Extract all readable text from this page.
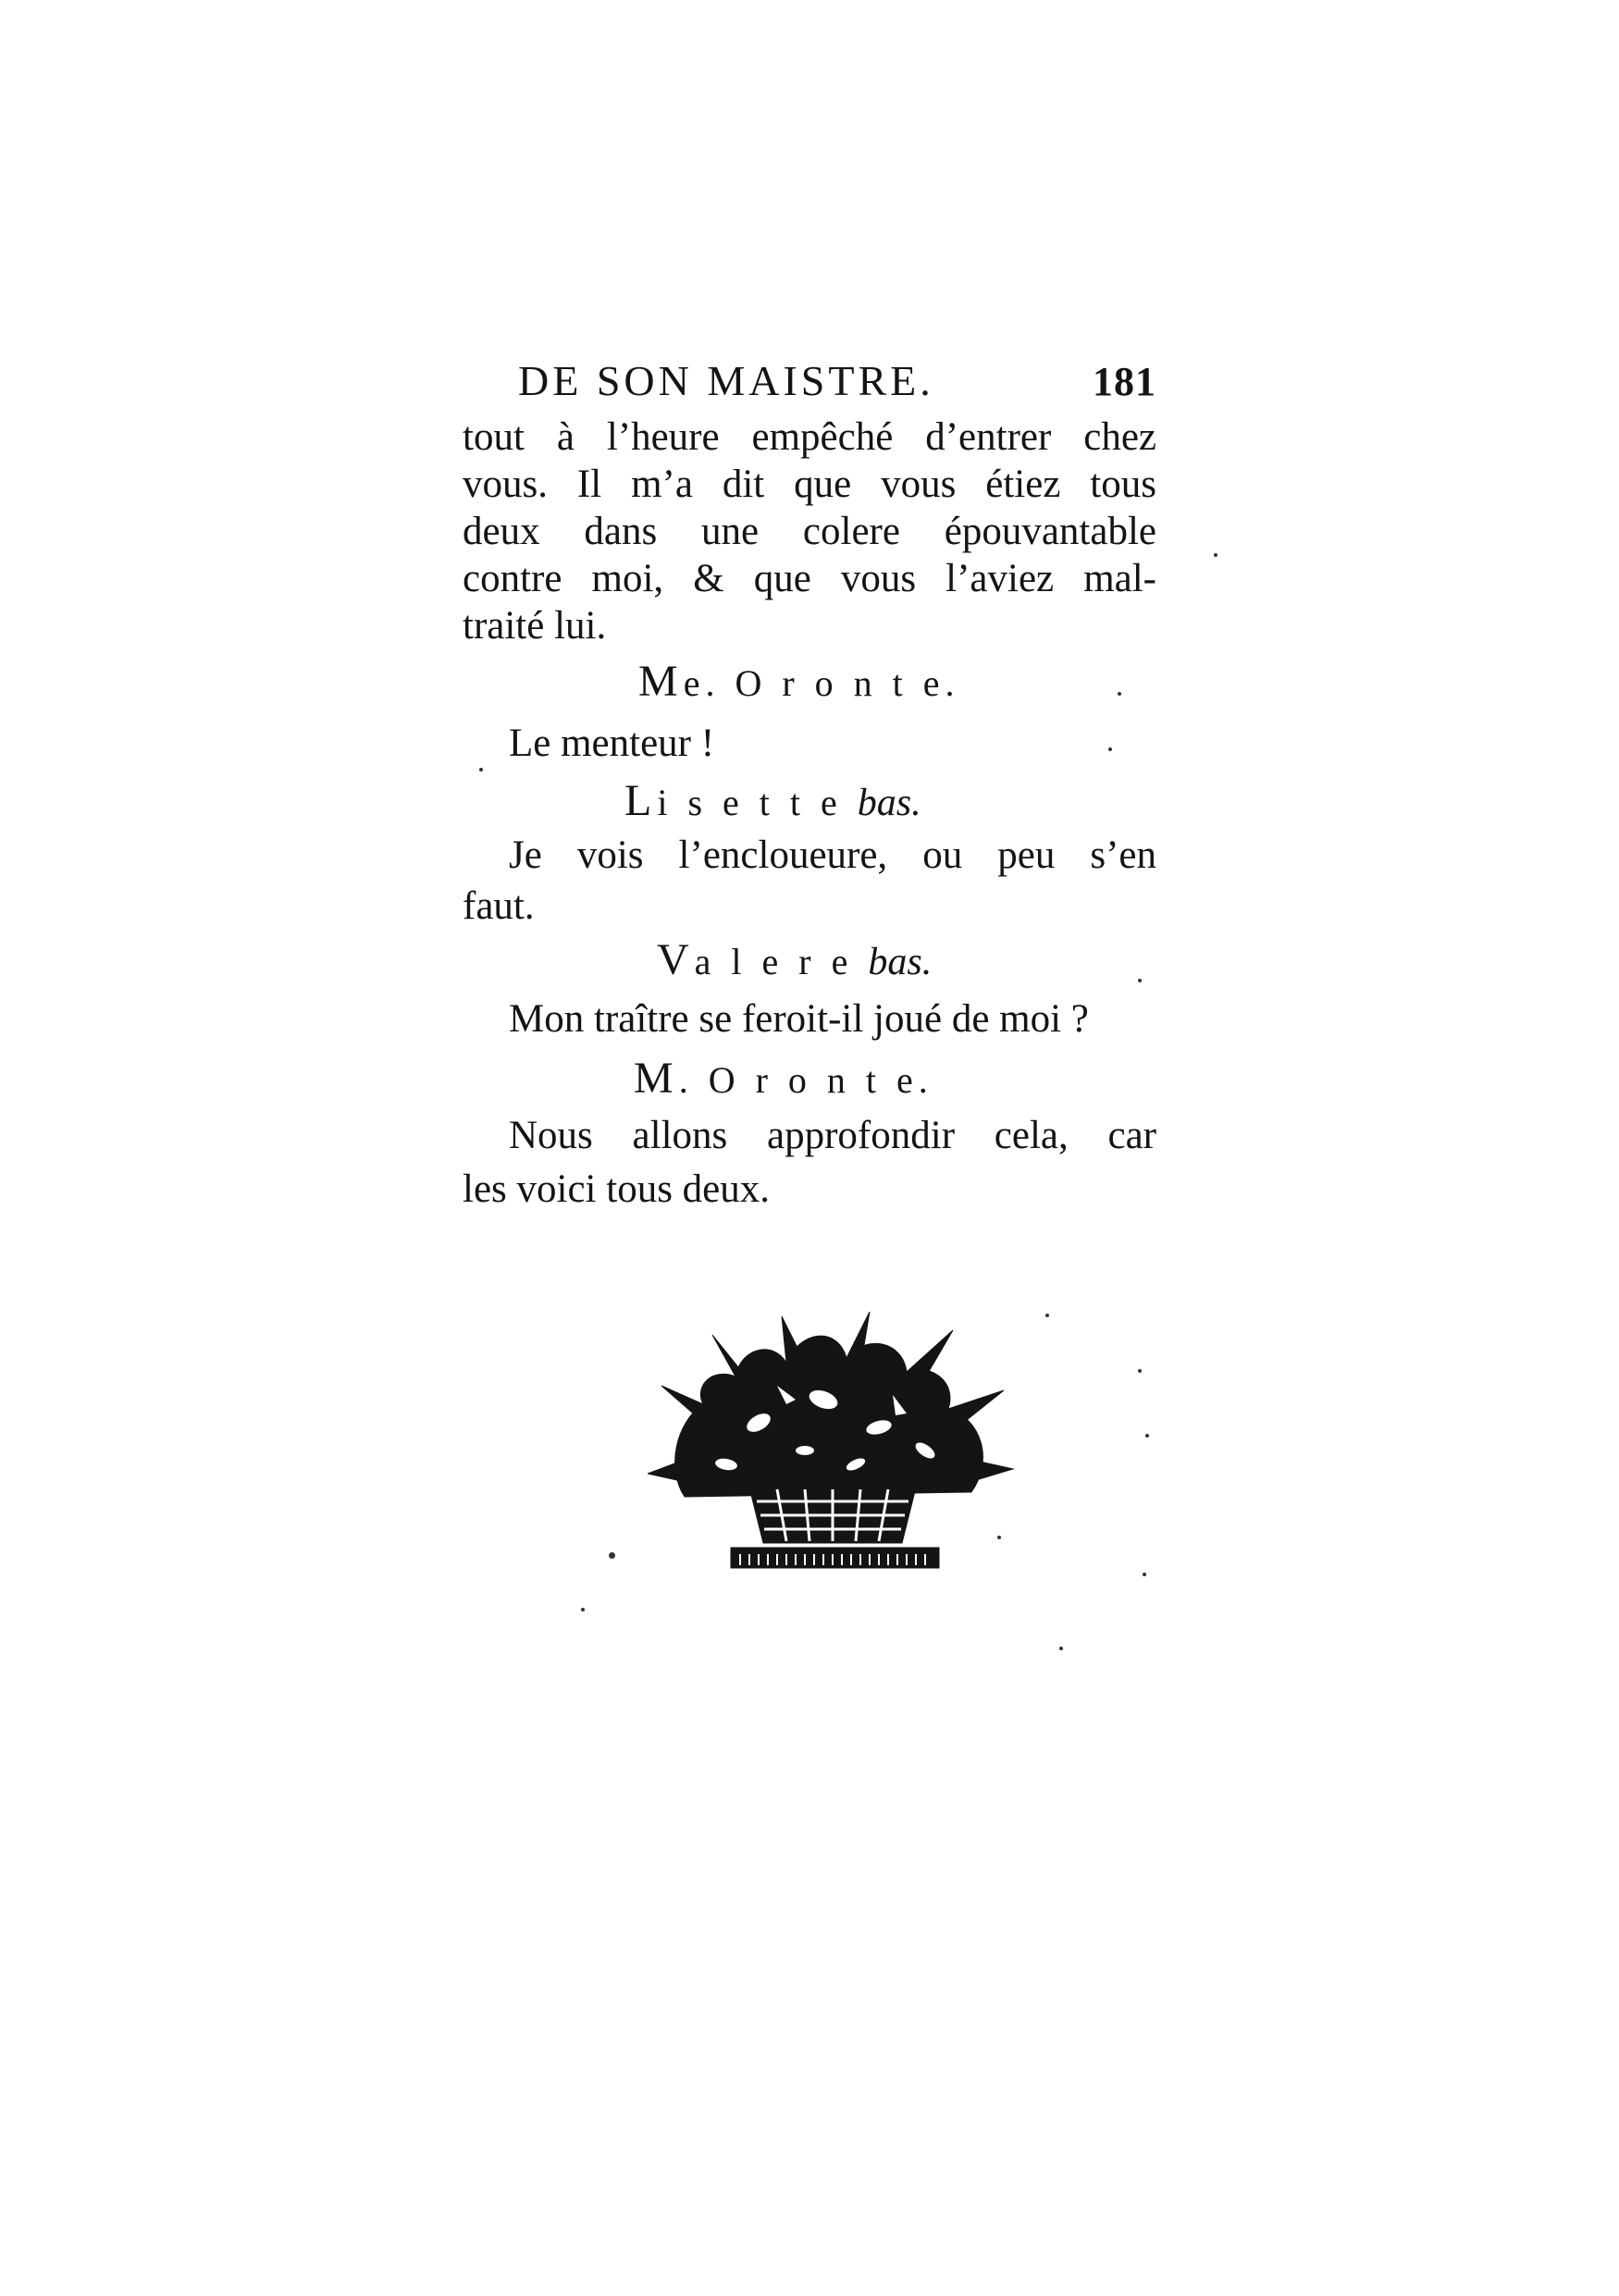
DE SON MAISTRE.	181
tout à l’heure empêché d’entrer chez
vous. Il m’a dit que vous étiez tous
deux dans une colere épouvantable
contre moi, & que vous l’aviez mal-
traité lui.
Me. O r o n t e.
Le menteur !
Li s e t t e bas.
Je vois l’encloueure, ou peu s’en
faut.
Va l e r e bas.
Mon traître se feroit-il joué de moi ?
M. O r o n t e.
Nous allons approfondir cela, car
les voici tous deux.
